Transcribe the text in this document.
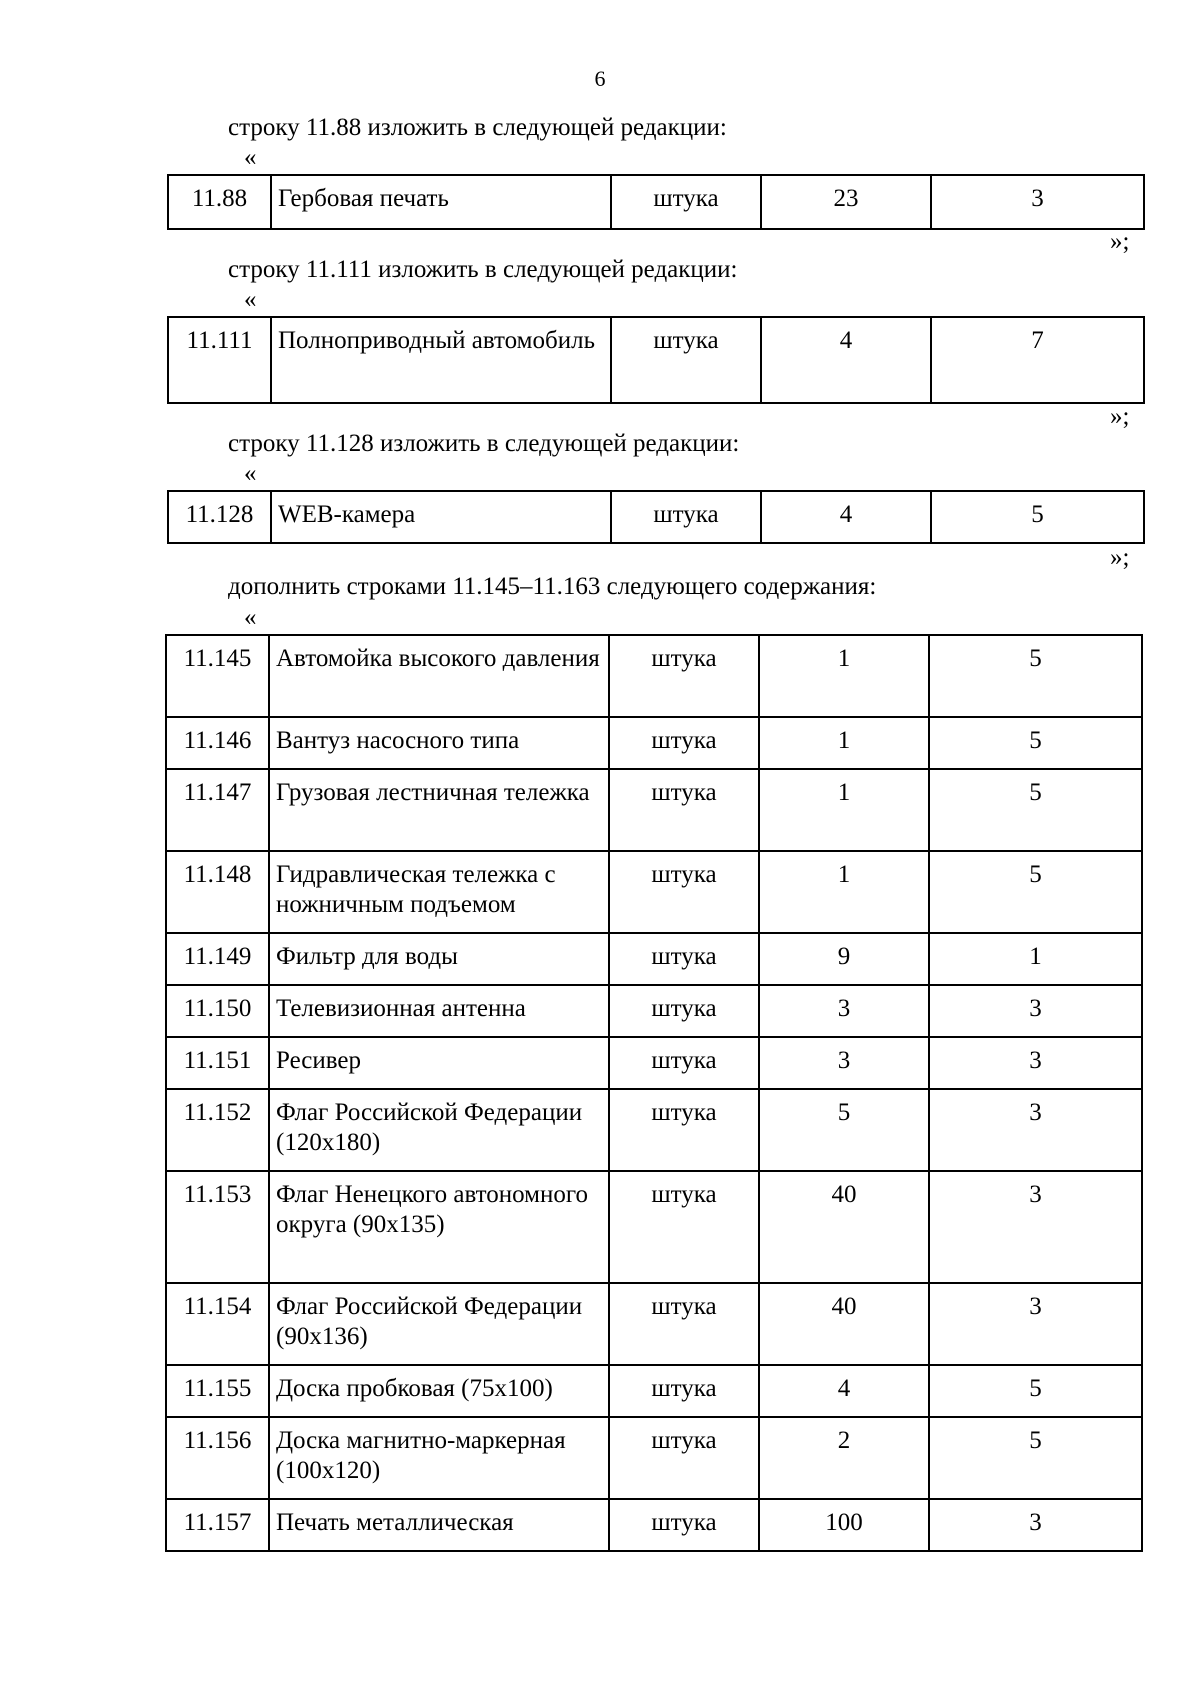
6
строку 11.88 изложить в следующей редакции:
«
11.88	Гербовая печать	штука	23	3
»;
строку 11.111 изложить в следующей редакции:
«
11.111	Полноприводный автомобиль	штука	4	7
»;
строку 11.128 изложить в следующей редакции:
«
11.128	WEB-камера	штука	4	5
»;
дополнить строками 11.145–11.163 следующего содержания:
«
11.145	Автомойка высокого давления	штука	1	5
11.146	Вантуз насосного типа	штука	1	5
11.147	Грузовая лестничная тележка	штука	1	5
11.148	Гидравлическая тележка с ножничным подъемом	штука	1	5
11.149	Фильтр для воды	штука	9	1
11.150	Телевизионная антенна	штука	3	3
11.151	Ресивер	штука	3	3
11.152	Флаг Российской Федерации (120х180)	штука	5	3
11.153	Флаг Ненецкого автономного округа (90х135)	штука	40	3
11.154	Флаг Российской Федерации (90х136)	штука	40	3
11.155	Доска пробковая (75х100)	штука	4	5
11.156	Доска магнитно-маркерная (100х120)	штука	2	5
11.157	Печать металлическая	штука	100	3
